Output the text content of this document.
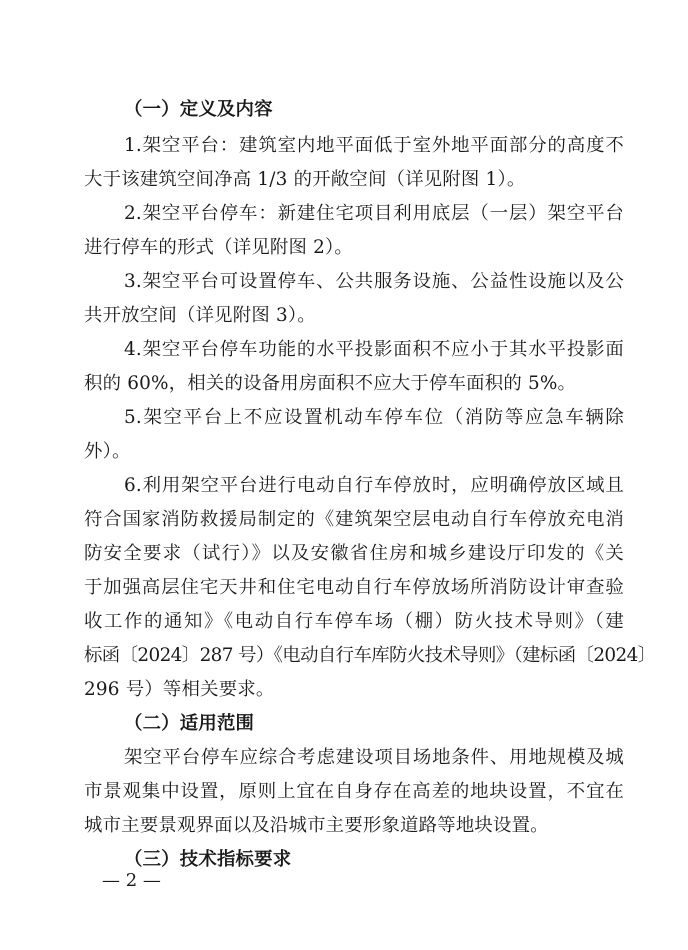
（一）定义及内容
1.架空平台：建筑室内地平面低于室外地平面部分的高度不
大于该建筑空间净高 1/3 的开敞空间（详见附图 1）。
2.架空平台停车：新建住宅项目利用底层（一层）架空平台
进行停车的形式（详见附图 2）。
3.架空平台可设置停车、公共服务设施、公益性设施以及公
共开放空间（详见附图 3）。
4.架空平台停车功能的水平投影面积不应小于其水平投影面
积的 60%，相关的设备用房面积不应大于停车面积的 5%。
5.架空平台上不应设置机动车停车位（消防等应急车辆除
外）。
6.利用架空平台进行电动自行车停放时，应明确停放区域且
符合国家消防救援局制定的《建筑架空层电动自行车停放充电消
防安全要求（试行）》以及安徽省住房和城乡建设厅印发的《关
于加强高层住宅天井和住宅电动自行车停放场所消防设计审查验
收工作的通知》《电动自行车停车场（棚）防火技术导则》（建
标函〔2024〕287 号）《电动自行车库防火技术导则》（建标函〔2024〕
296 号）等相关要求。
（二）适用范围
架空平台停车应综合考虑建设项目场地条件、用地规模及城
市景观集中设置，原则上宜在自身存在高差的地块设置，不宜在
城市主要景观界面以及沿城市主要形象道路等地块设置。
（三）技术指标要求
— 2 —
